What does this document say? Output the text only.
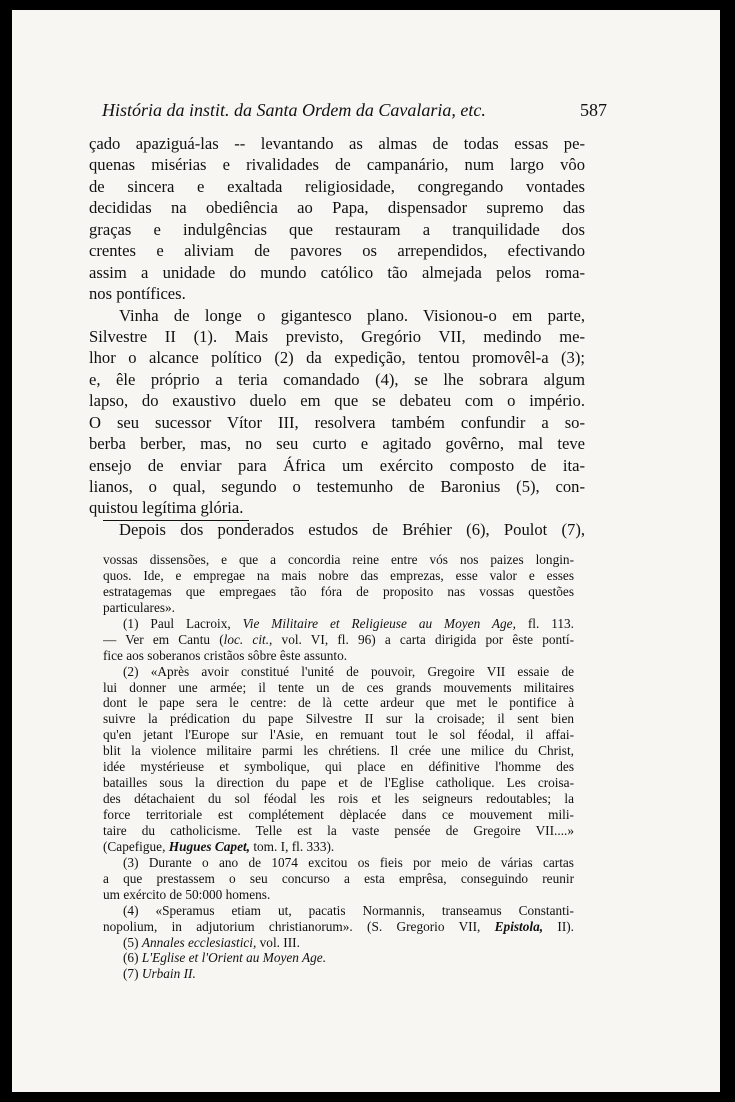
História da instit. da Santa Ordem da Cavalaria, etc.	587
çado apaziguá-las -- levantando as almas de todas essas pe-
quenas misérias e rivalidades de campanário, num largo vôo
de sincera e exaltada religiosidade, congregando vontades
decididas na obediência ao Papa, dispensador supremo das
graças e indulgências que restauram a tranquilidade dos
crentes e aliviam de pavores os arrependidos, efectivando
assim a unidade do mundo católico tão almejada pelos roma-
nos pontífices.
Vinha de longe o gigantesco plano. Visionou-o em parte,
Silvestre II (1). Mais previsto, Gregório VII, medindo me-
lhor o alcance político (2) da expedição, tentou promovêl-a (3);
e, êle próprio a teria comandado (4), se lhe sobrara algum
lapso, do exaustivo duelo em que se debateu com o império.
O seu sucessor Vítor III, resolvera também confundir a so-
berba berber, mas, no seu curto e agitado govêrno, mal teve
ensejo de enviar para África um exército composto de ita-
lianos, o qual, segundo o testemunho de Baronius (5), con-
quistou legítima glória.
Depois dos ponderados estudos de Bréhier (6), Poulot (7),
vossas dissensões, e que a concordia reine entre vós nos paizes longin-
quos. Ide, e empregae na mais nobre das emprezas, esse valor e esses
estratagemas que empregaes tão fóra de proposito nas vossas questões
particulares».
(1) Paul Lacroix, Vie Militaire et Religieuse au Moyen Age, fl. 113.
— Ver em Cantu (loc. cit., vol. VI, fl. 96) a carta dirigida por êste pontí-
fice aos soberanos cristãos sôbre êste assunto.
(2) «Après avoir constitué l'unité de pouvoir, Gregoire VII essaie de
lui donner une armée; il tente un de ces grands mouvements militaires
dont le pape sera le centre: de là cette ardeur que met le pontifice à
suivre la prédication du pape Silvestre II sur la croisade; il sent bien
qu'en jetant l'Europe sur l'Asie, en remuant tout le sol féodal, il affai-
blit la violence militaire parmi les chrétiens. Il crée une milice du Christ,
idée mystérieuse et symbolique, qui place en définitive l'homme des
batailles sous la direction du pape et de l'Eglise catholique. Les croisa-
des détachaient du sol féodal les rois et les seigneurs redoutables; la
force territoriale est complétement dèplacée dans ce mouvement mili-
taire du catholicisme. Telle est la vaste pensée de Gregoire VII....»
(Capefigue, Hugues Capet, tom. I, fl. 333).
(3) Durante o ano de 1074 excitou os fieis por meio de várias cartas
a que prestassem o seu concurso a esta emprêsa, conseguindo reunir
um exército de 50:000 homens.
(4) «Speramus etiam ut, pacatis Normannis, transeamus Constanti-
nopolium, in adjutorium christianorum». (S. Gregorio VII, Epistola, II).
(5) Annales ecclesiastici, vol. III.
(6) L'Eglise et l'Orient au Moyen Age.
(7) Urbain II.
